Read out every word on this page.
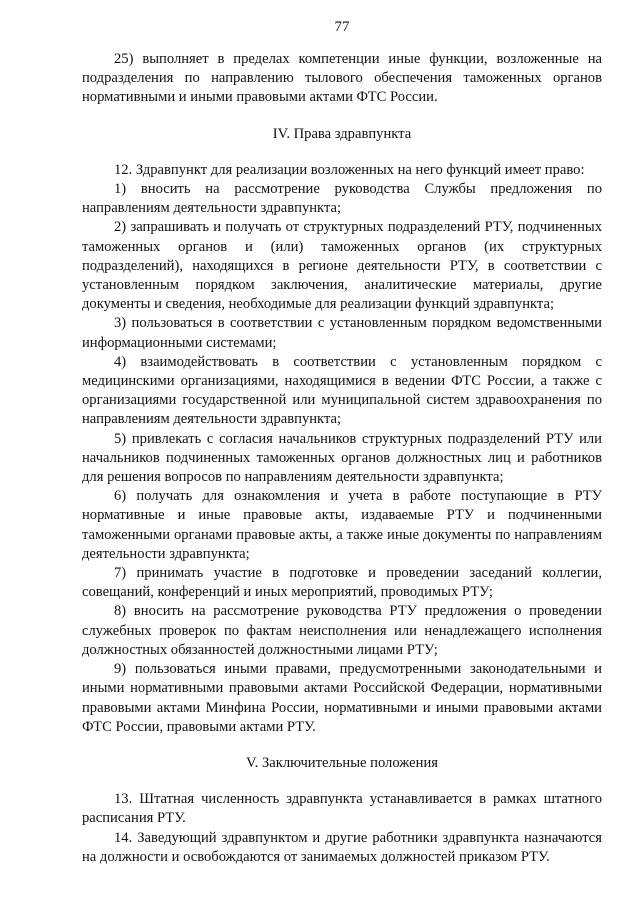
77

25) выполняет в пределах компетенции иные функции, возложенные на подразделения по направлению тылового обеспечения таможенных органов нормативными и иными правовыми актами ФТС России.

IV. Права здравпункта

12. Здравпункт для реализации возложенных на него функций имеет право:

1) вносить на рассмотрение руководства Службы предложения по направлениям деятельности здравпункта;

2) запрашивать и получать от структурных подразделений РТУ, подчиненных таможенных органов и (или) таможенных органов (их структурных подразделений), находящихся в регионе деятельности РТУ, в соответствии с установленным порядком заключения, аналитические материалы, другие документы и сведения, необходимые для реализации функций здравпункта;

3) пользоваться в соответствии с установленным порядком ведомственными информационными системами;

4) взаимодействовать в соответствии с установленным порядком с медицинскими организациями, находящимися в ведении ФТС России, а также с организациями государственной или муниципальной систем здравоохранения по направлениям деятельности здравпункта;

5) привлекать с согласия начальников структурных подразделений РТУ или начальников подчиненных таможенных органов должностных лиц и работников для решения вопросов по направлениям деятельности здравпункта;

6) получать для ознакомления и учета в работе поступающие в РТУ нормативные и иные правовые акты, издаваемые РТУ и подчиненными таможенными органами правовые акты, а также иные документы по направлениям деятельности здравпункта;

7) принимать участие в подготовке и проведении заседаний коллегии, совещаний, конференций и иных мероприятий, проводимых РТУ;

8) вносить на рассмотрение руководства РТУ предложения о проведении служебных проверок по фактам неисполнения или ненадлежащего исполнения должностных обязанностей должностными лицами РТУ;

9) пользоваться иными правами, предусмотренными законодательными и иными нормативными правовыми актами Российской Федерации, нормативными правовыми актами Минфина России, нормативными и иными правовыми актами ФТС России, правовыми актами РТУ.

V. Заключительные положения

13. Штатная численность здравпункта устанавливается в рамках штатного расписания РТУ.

14. Заведующий здравпунктом и другие работники здравпункта назначаются на должности и освобождаются от занимаемых должностей приказом РТУ.
